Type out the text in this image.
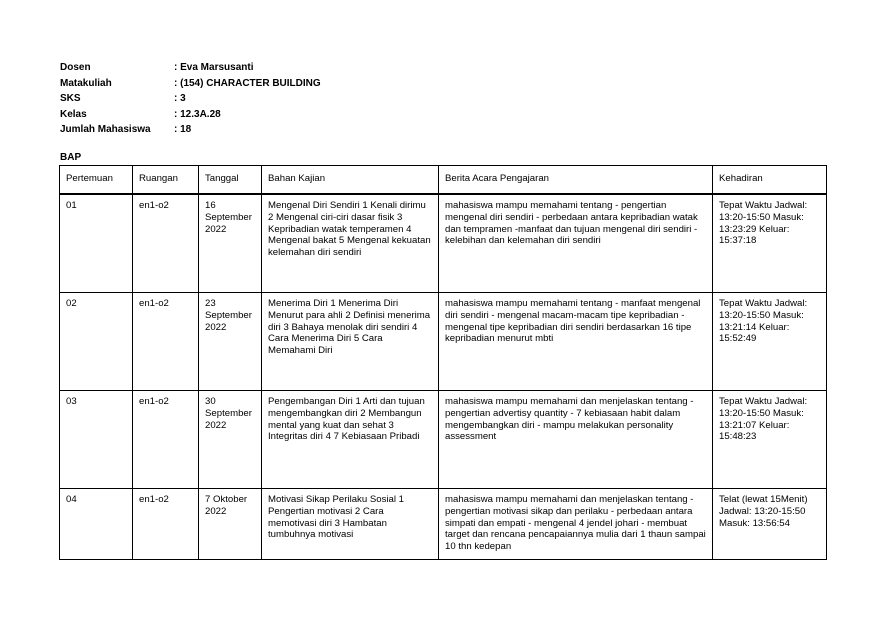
Dosen	: Eva Marsusanti
Matakuliah	: (154) CHARACTER BUILDING
SKS	: 3
Kelas	: 12.3A.28
Jumlah Mahasiswa	: 18
BAP
Pertemuan	Ruangan	Tanggal	Bahan Kajian	Berita Acara Pengajaran	Kehadiran
01	en1-o2	16 September 2022	Mengenal Diri Sendiri 1 Kenali dirimu 2 Mengenal ciri-ciri dasar fisik 3 Kepribadian watak temperamen 4 Mengenal bakat 5 Mengenal kekuatan kelemahan diri sendiri	mahasiswa mampu memahami tentang - pengertian mengenal diri sendiri - perbedaan antara kepribadian watak dan tempramen -manfaat dan tujuan mengenal diri sendiri -kelebihan dan kelemahan diri sendiri	Tepat Waktu Jadwal: 13:20-15:50 Masuk: 13:23:29 Keluar: 15:37:18
02	en1-o2	23 September 2022	Menerima Diri 1 Menerima Diri Menurut para ahli 2 Definisi menerima diri 3 Bahaya menolak diri sendiri 4 Cara Menerima Diri 5 Cara Memahami Diri	mahasiswa mampu memahami tentang - manfaat mengenal diri sendiri - mengenal macam-macam tipe kepribadian - mengenal tipe kepribadian diri sendiri berdasarkan 16 tipe kepribadian menurut mbti	Tepat Waktu Jadwal: 13:20-15:50 Masuk: 13:21:14 Keluar: 15:52:49
03	en1-o2	30 September 2022	Pengembangan Diri 1 Arti dan tujuan mengembangkan diri 2 Membangun mental yang kuat dan sehat 3 Integritas diri 4 7 Kebiasaan Pribadi	mahasiswa mampu memahami dan menjelaskan tentang - pengertian advertisy quantity - 7 kebiasaan habit dalam mengembangkan diri - mampu melakukan personality assessment	Tepat Waktu Jadwal: 13:20-15:50 Masuk: 13:21:07 Keluar: 15:48:23
04	en1-o2	7 Oktober 2022	Motivasi Sikap Perilaku Sosial 1 Pengertian motivasi 2 Cara memotivasi diri 3 Hambatan tumbuhnya motivasi	mahasiswa mampu memahami dan menjelaskan tentang - pengertian motivasi sikap dan perilaku - perbedaan antara simpati dan empati - mengenal 4 jendel johari - membuat target dan rencana pencapaiannya mulia dari 1 thaun sampai 10 thn kedepan	Telat (lewat 15Menit) Jadwal: 13:20-15:50 Masuk: 13:56:54
